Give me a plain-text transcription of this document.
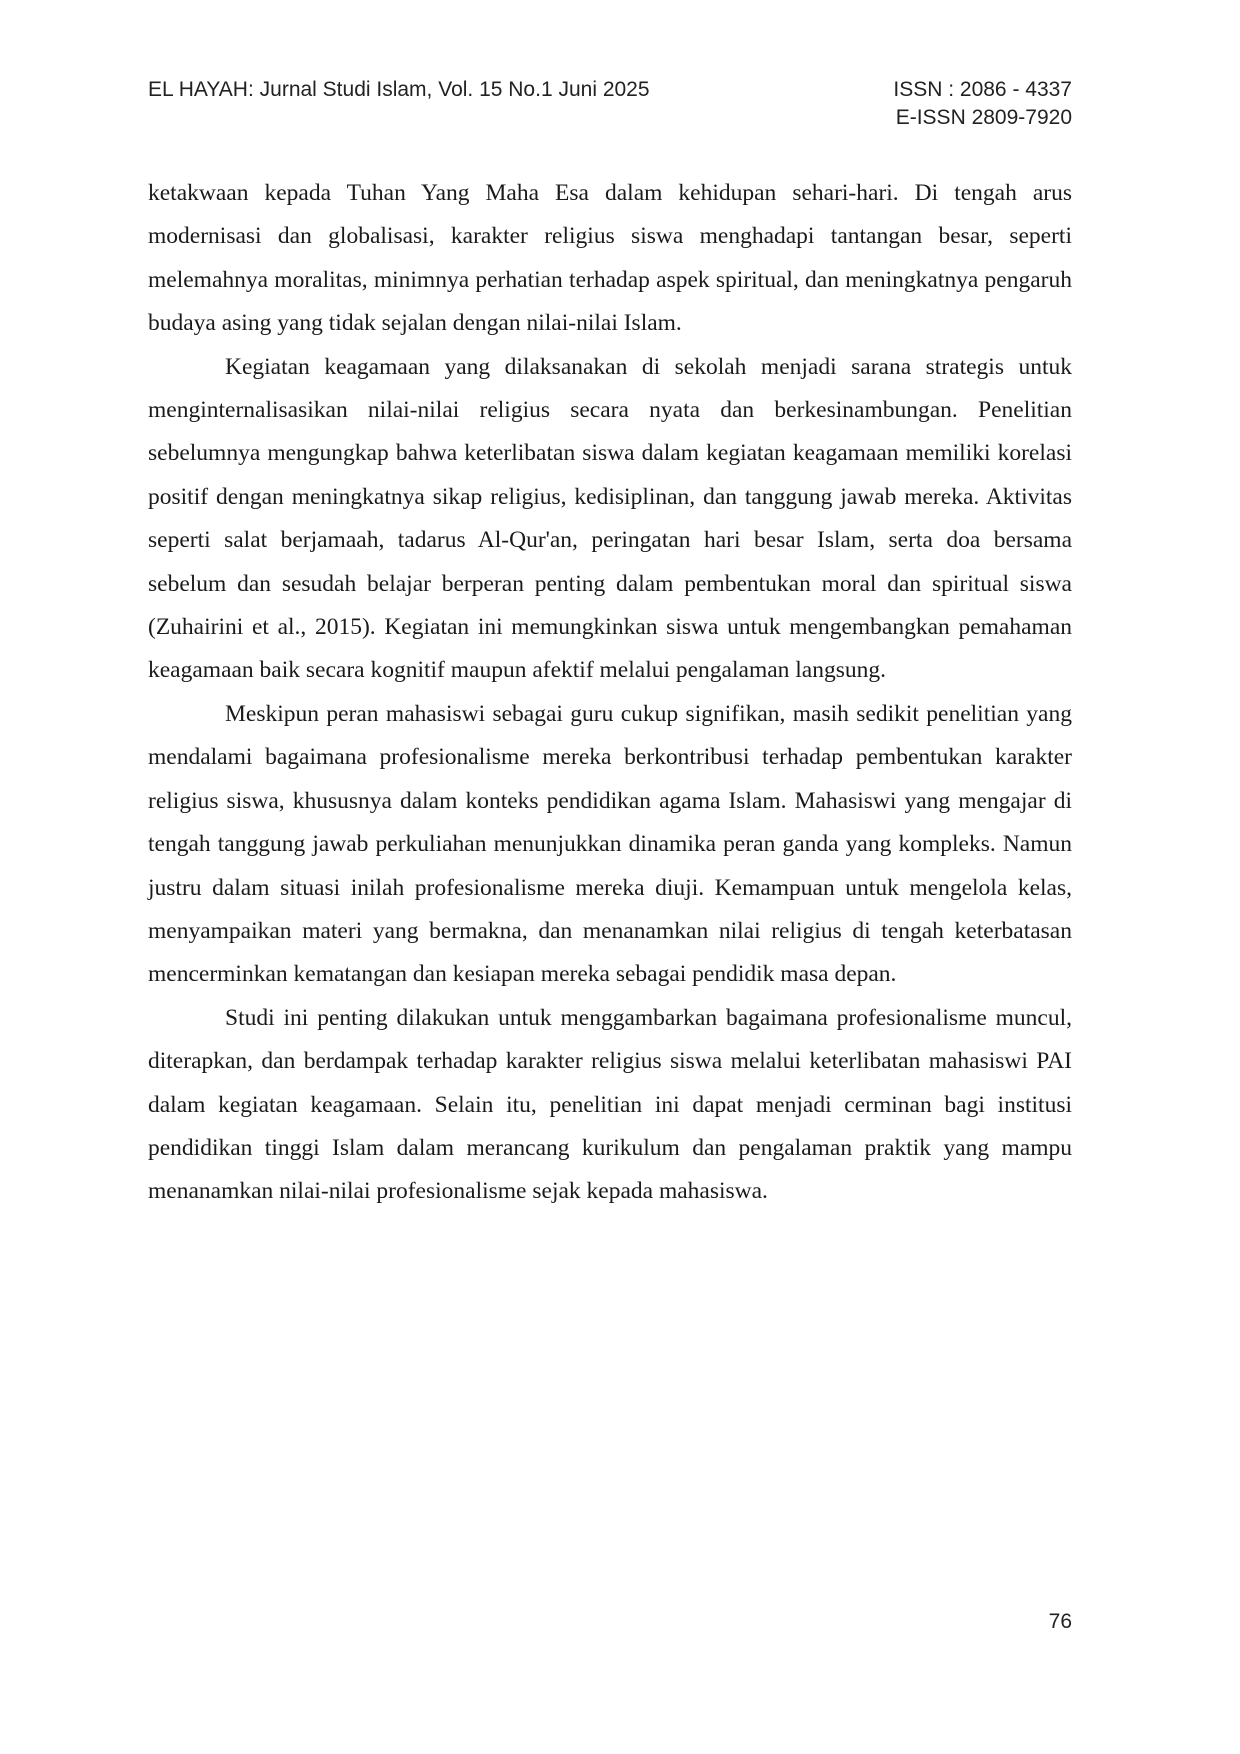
EL HAYAH: Jurnal Studi Islam, Vol. 15 No.1 Juni 2025	ISSN : 2086 - 4337
E-ISSN 2809-7920

ketakwaan kepada Tuhan Yang Maha Esa dalam kehidupan sehari-hari. Di tengah arus modernisasi dan globalisasi, karakter religius siswa menghadapi tantangan besar, seperti melemahnya moralitas, minimnya perhatian terhadap aspek spiritual, dan meningkatnya pengaruh budaya asing yang tidak sejalan dengan nilai-nilai Islam.

Kegiatan keagamaan yang dilaksanakan di sekolah menjadi sarana strategis untuk menginternalisasikan nilai-nilai religius secara nyata dan berkesinambungan. Penelitian sebelumnya mengungkap bahwa keterlibatan siswa dalam kegiatan keagamaan memiliki korelasi positif dengan meningkatnya sikap religius, kedisiplinan, dan tanggung jawab mereka. Aktivitas seperti salat berjamaah, tadarus Al-Qur'an, peringatan hari besar Islam, serta doa bersama sebelum dan sesudah belajar berperan penting dalam pembentukan moral dan spiritual siswa (Zuhairini et al., 2015). Kegiatan ini memungkinkan siswa untuk mengembangkan pemahaman keagamaan baik secara kognitif maupun afektif melalui pengalaman langsung.

Meskipun peran mahasiswi sebagai guru cukup signifikan, masih sedikit penelitian yang mendalami bagaimana profesionalisme mereka berkontribusi terhadap pembentukan karakter religius siswa, khususnya dalam konteks pendidikan agama Islam. Mahasiswi yang mengajar di tengah tanggung jawab perkuliahan menunjukkan dinamika peran ganda yang kompleks. Namun justru dalam situasi inilah profesionalisme mereka diuji. Kemampuan untuk mengelola kelas, menyampaikan materi yang bermakna, dan menanamkan nilai religius di tengah keterbatasan mencerminkan kematangan dan kesiapan mereka sebagai pendidik masa depan.

Studi ini penting dilakukan untuk menggambarkan bagaimana profesionalisme muncul, diterapkan, dan berdampak terhadap karakter religius siswa melalui keterlibatan mahasiswi PAI dalam kegiatan keagamaan. Selain itu, penelitian ini dapat menjadi cerminan bagi institusi pendidikan tinggi Islam dalam merancang kurikulum dan pengalaman praktik yang mampu menanamkan nilai-nilai profesionalisme sejak kepada mahasiswa.

76
